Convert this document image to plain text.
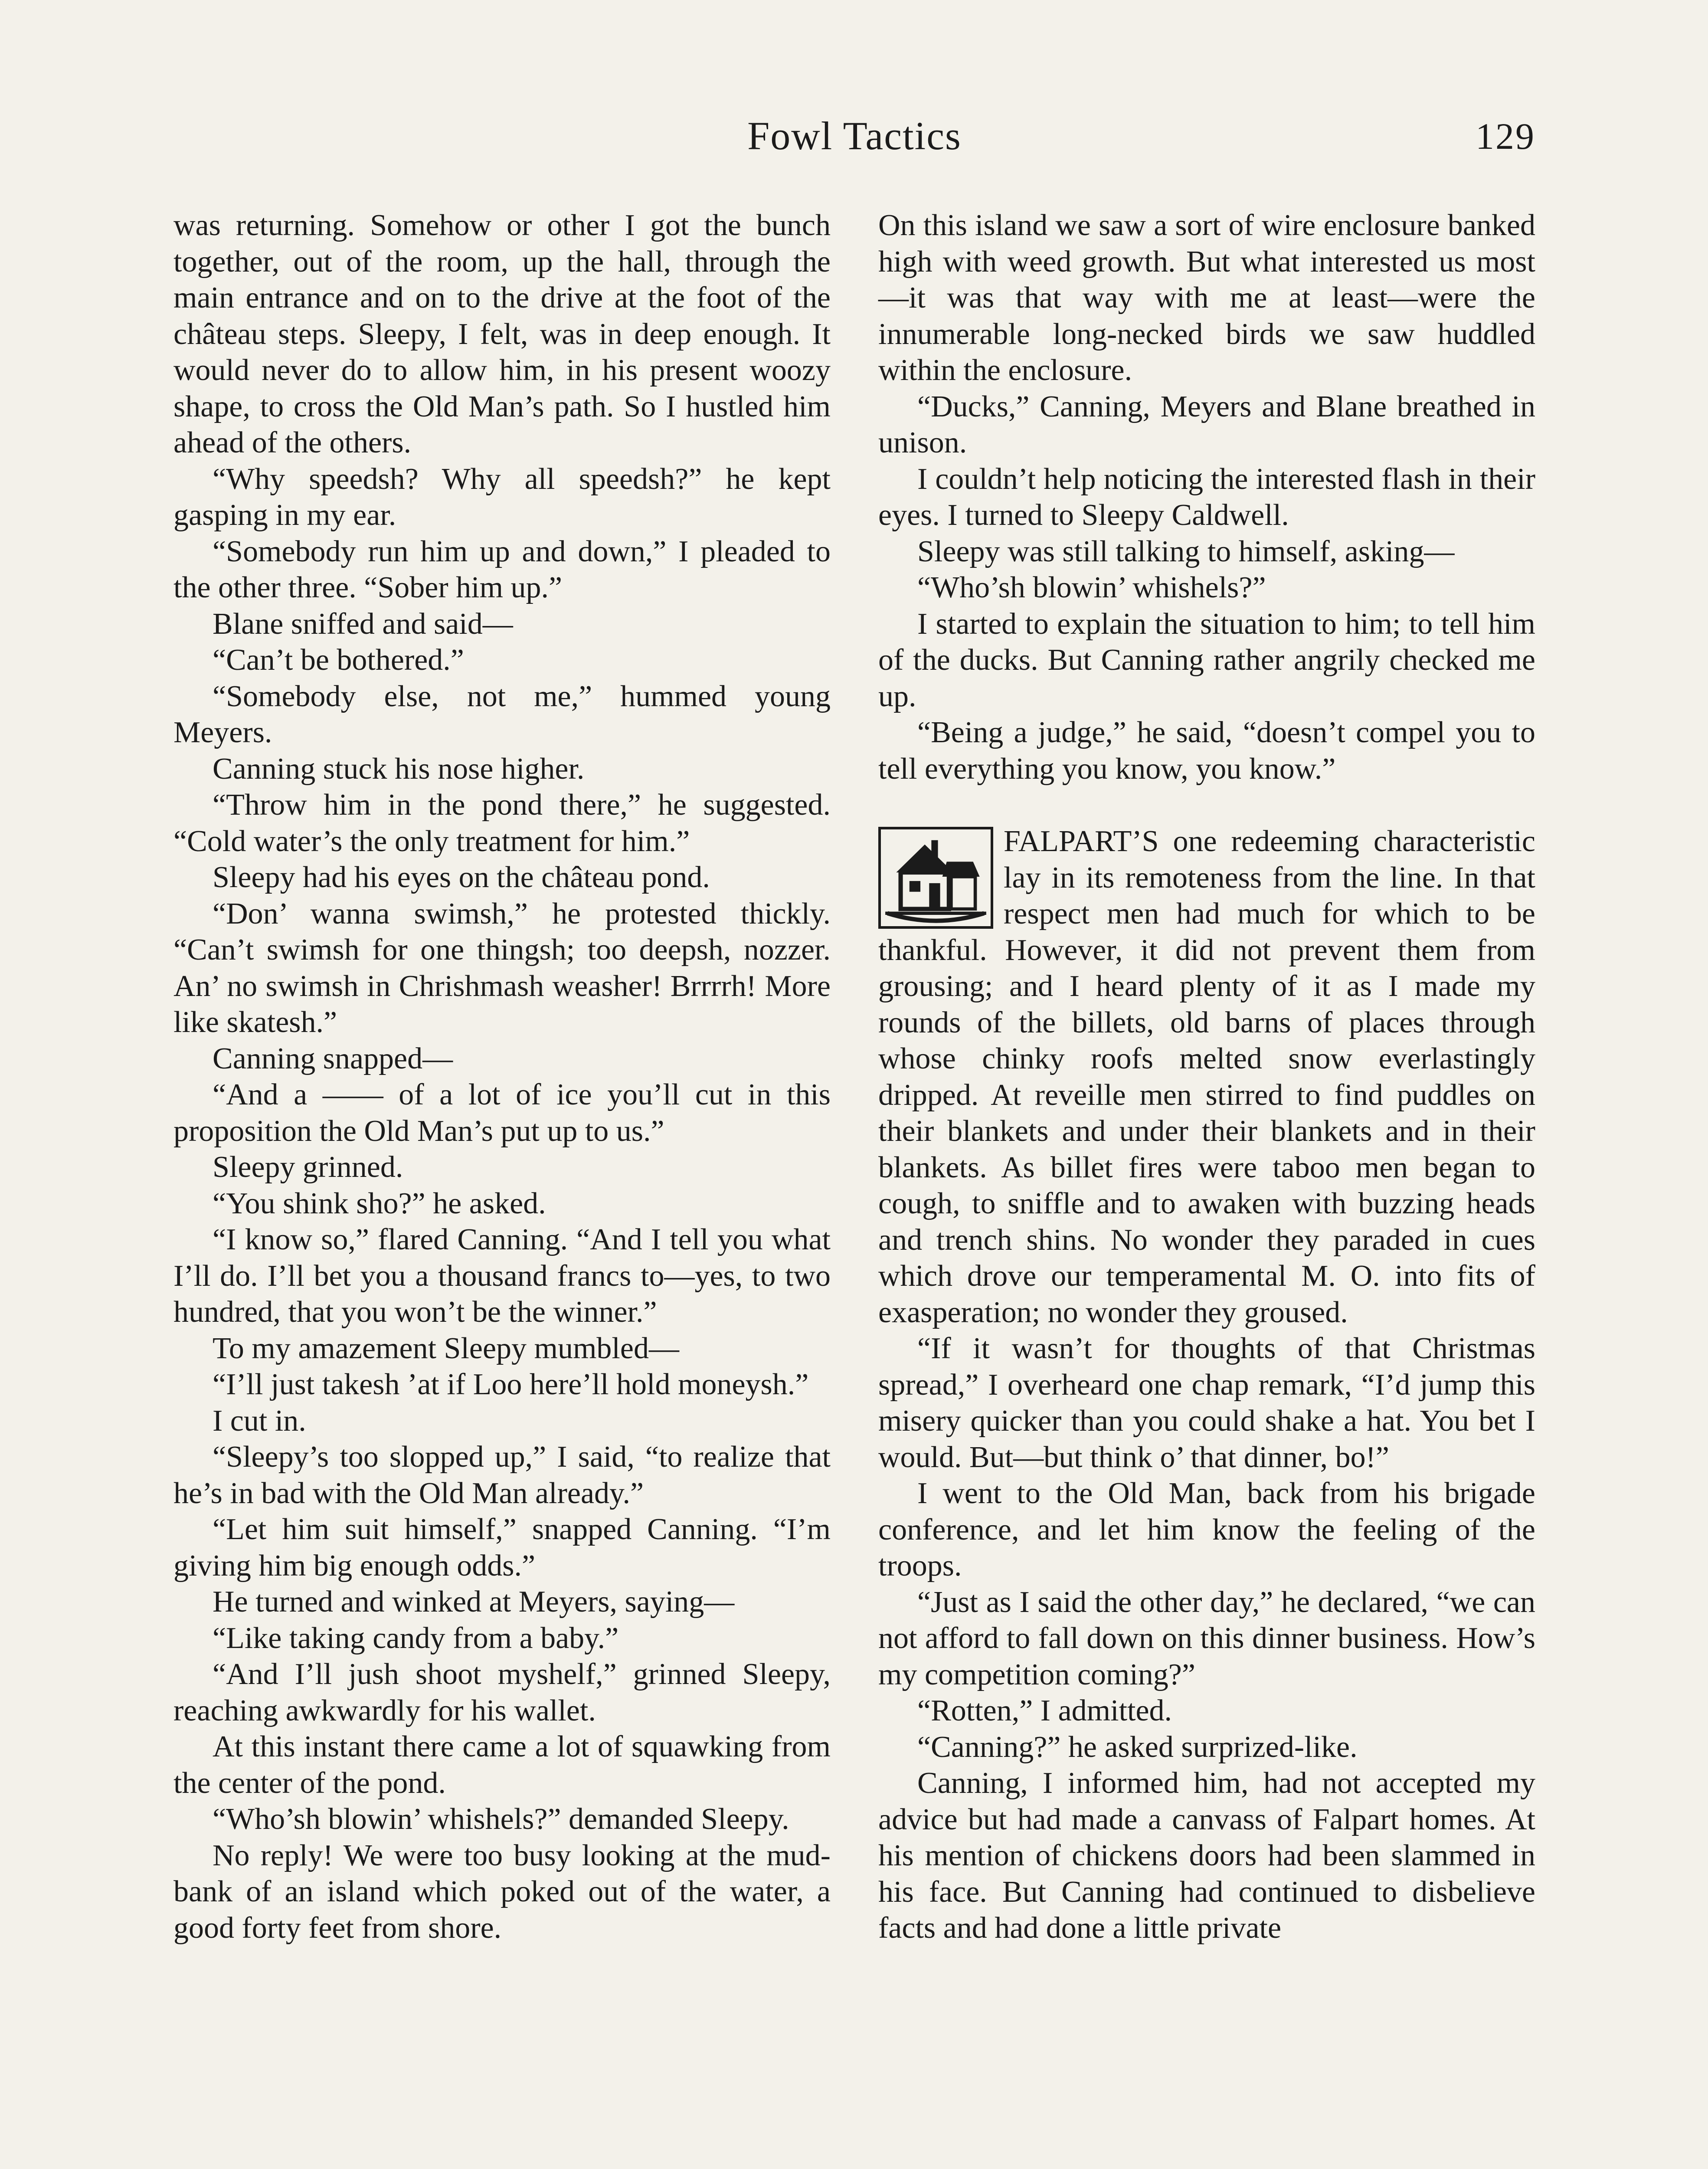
Fowl Tactics	129

was returning. Somehow or other I got the bunch together, out of the room, up the hall, through the main entrance and on to the drive at the foot of the château steps. Sleepy, I felt, was in deep enough. It would never do to allow him, in his present woozy shape, to cross the Old Man’s path. So I hustled him ahead of the others.

“Why speedsh? Why all speedsh?” he kept gasping in my ear.

“Somebody run him up and down,” I pleaded to the other three. “Sober him up.”

Blane sniffed and said—

“Can’t be bothered.”

“Somebody else, not me,” hummed young Meyers.

Canning stuck his nose higher.

“Throw him in the pond there,” he suggested. “Cold water’s the only treatment for him.”

Sleepy had his eyes on the château pond.

“Don’ wanna swimsh,” he protested thickly. “Can’t swimsh for one thingsh; too deepsh, nozzer. An’ no swimsh in Chrishmash weasher! Brrrrh! More like skatesh.”

Canning snapped—

“And a —— of a lot of ice you’ll cut in this proposition the Old Man’s put up to us.”

Sleepy grinned.

“You shink sho?” he asked.

“I know so,” flared Canning. “And I tell you what I’ll do. I’ll bet you a thousand francs to—yes, to two hundred, that you won’t be the winner.”

To my amazement Sleepy mumbled—

“I’ll just takesh ’at if Loo here’ll hold moneysh.”

I cut in.

“Sleepy’s too slopped up,” I said, “to realize that he’s in bad with the Old Man already.”

“Let him suit himself,” snapped Canning. “I’m giving him big enough odds.”

He turned and winked at Meyers, saying—

“Like taking candy from a baby.”

“And I’ll jush shoot myshelf,” grinned Sleepy, reaching awkwardly for his wallet.

At this instant there came a lot of squawking from the center of the pond.

“Who’sh blowin’ whishels?” demanded Sleepy.

No reply! We were too busy looking at the mud-bank of an island which poked out of the water, a good forty feet from shore.

On this island we saw a sort of wire enclosure banked high with weed growth. But what interested us most—it was that way with me at least—were the innumerable long-necked birds we saw huddled within the enclosure.

“Ducks,” Canning, Meyers and Blane breathed in unison.

I couldn’t help noticing the interested flash in their eyes. I turned to Sleepy Caldwell.

Sleepy was still talking to himself, asking—

“Who’sh blowin’ whishels?”

I started to explain the situation to him; to tell him of the ducks. But Canning rather angrily checked me up.

“Being a judge,” he said, “doesn’t compel you to tell everything you know, you know.”

FALPART’S one redeeming characteristic lay in its remoteness from the line. In that respect men had much for which to be thankful. However, it did not prevent them from grousing; and I heard plenty of it as I made my rounds of the billets, old barns of places through whose chinky roofs melted snow everlastingly dripped. At reveille men stirred to find puddles on their blankets and under their blankets and in their blankets. As billet fires were taboo men began to cough, to sniffle and to awaken with buzzing heads and trench shins. No wonder they paraded in cues which drove our temperamental M. O. into fits of exasperation; no wonder they groused.

“If it wasn’t for thoughts of that Christmas spread,” I overheard one chap remark, “I’d jump this misery quicker than you could shake a hat. You bet I would. But—but think o’ that dinner, bo!”

I went to the Old Man, back from his brigade conference, and let him know the feeling of the troops.

“Just as I said the other day,” he declared, “we can not afford to fall down on this dinner business. How’s my competition coming?”

“Rotten,” I admitted.

“Canning?” he asked surprized-like.

Canning, I informed him, had not accepted my advice but had made a canvass of Falpart homes. At his mention of chickens doors had been slammed in his face. But Canning had continued to disbelieve facts and had done a little private
